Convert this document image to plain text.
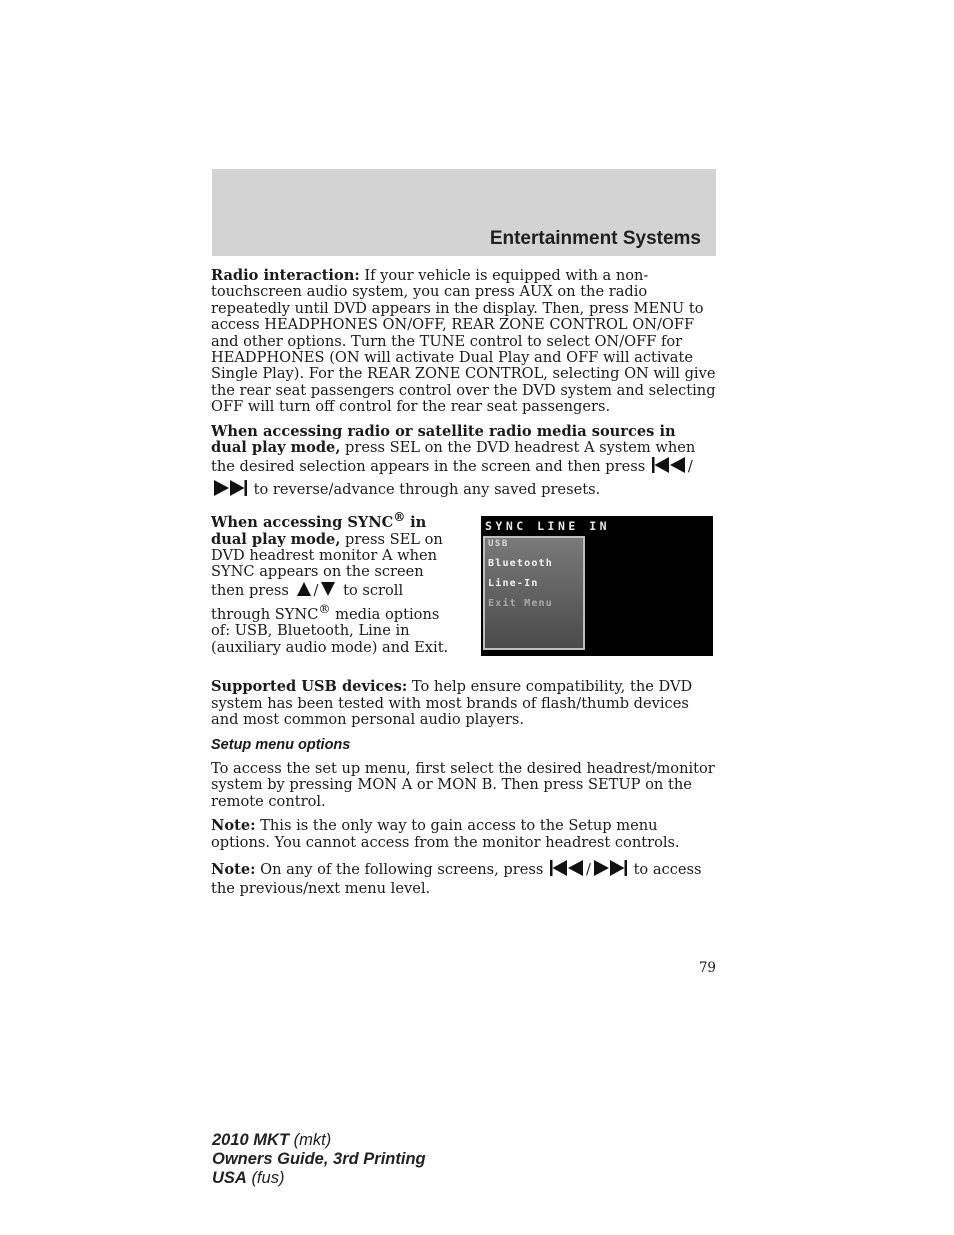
Entertainment Systems

Radio interaction: If your vehicle is equipped with a non-touchscreen audio system, you can press AUX on the radio repeatedly until DVD appears in the display. Then, press MENU to access HEADPHONES ON/OFF, REAR ZONE CONTROL ON/OFF and other options. Turn the TUNE control to select ON/OFF for HEADPHONES (ON will activate Dual Play and OFF will activate Single Play). For the REAR ZONE CONTROL, selecting ON will give the rear seat passengers control over the DVD system and selecting OFF will turn off control for the rear seat passengers.

When accessing radio or satellite radio media sources in dual play mode, press SEL on the DVD headrest A system when the desired selection appears in the screen and then press	/ to reverse/advance through any saved presets.

When accessing SYNC® in dual play mode, press SEL on DVD headrest monitor A when SYNC appears on the screen then press / to scroll through SYNC® media options of: USB, Bluetooth, Line in (auxiliary audio mode) and Exit.

SYNC LINE IN
USB
Bluetooth
Line-In
Exit Menu

Supported USB devices: To help ensure compatibility, the DVD system has been tested with most brands of flash/thumb devices and most common personal audio players.

Setup menu options

To access the set up menu, first select the desired headrest/monitor system by pressing MON A or MON B. Then press SETUP on the remote control.

Note: This is the only way to gain access to the Setup menu options. You cannot access from the monitor headrest controls.

Note: On any of the following screens, press	/	to access the previous/next menu level.

79

2010 MKT (mkt)
Owners Guide, 3rd Printing
USA (fus)
